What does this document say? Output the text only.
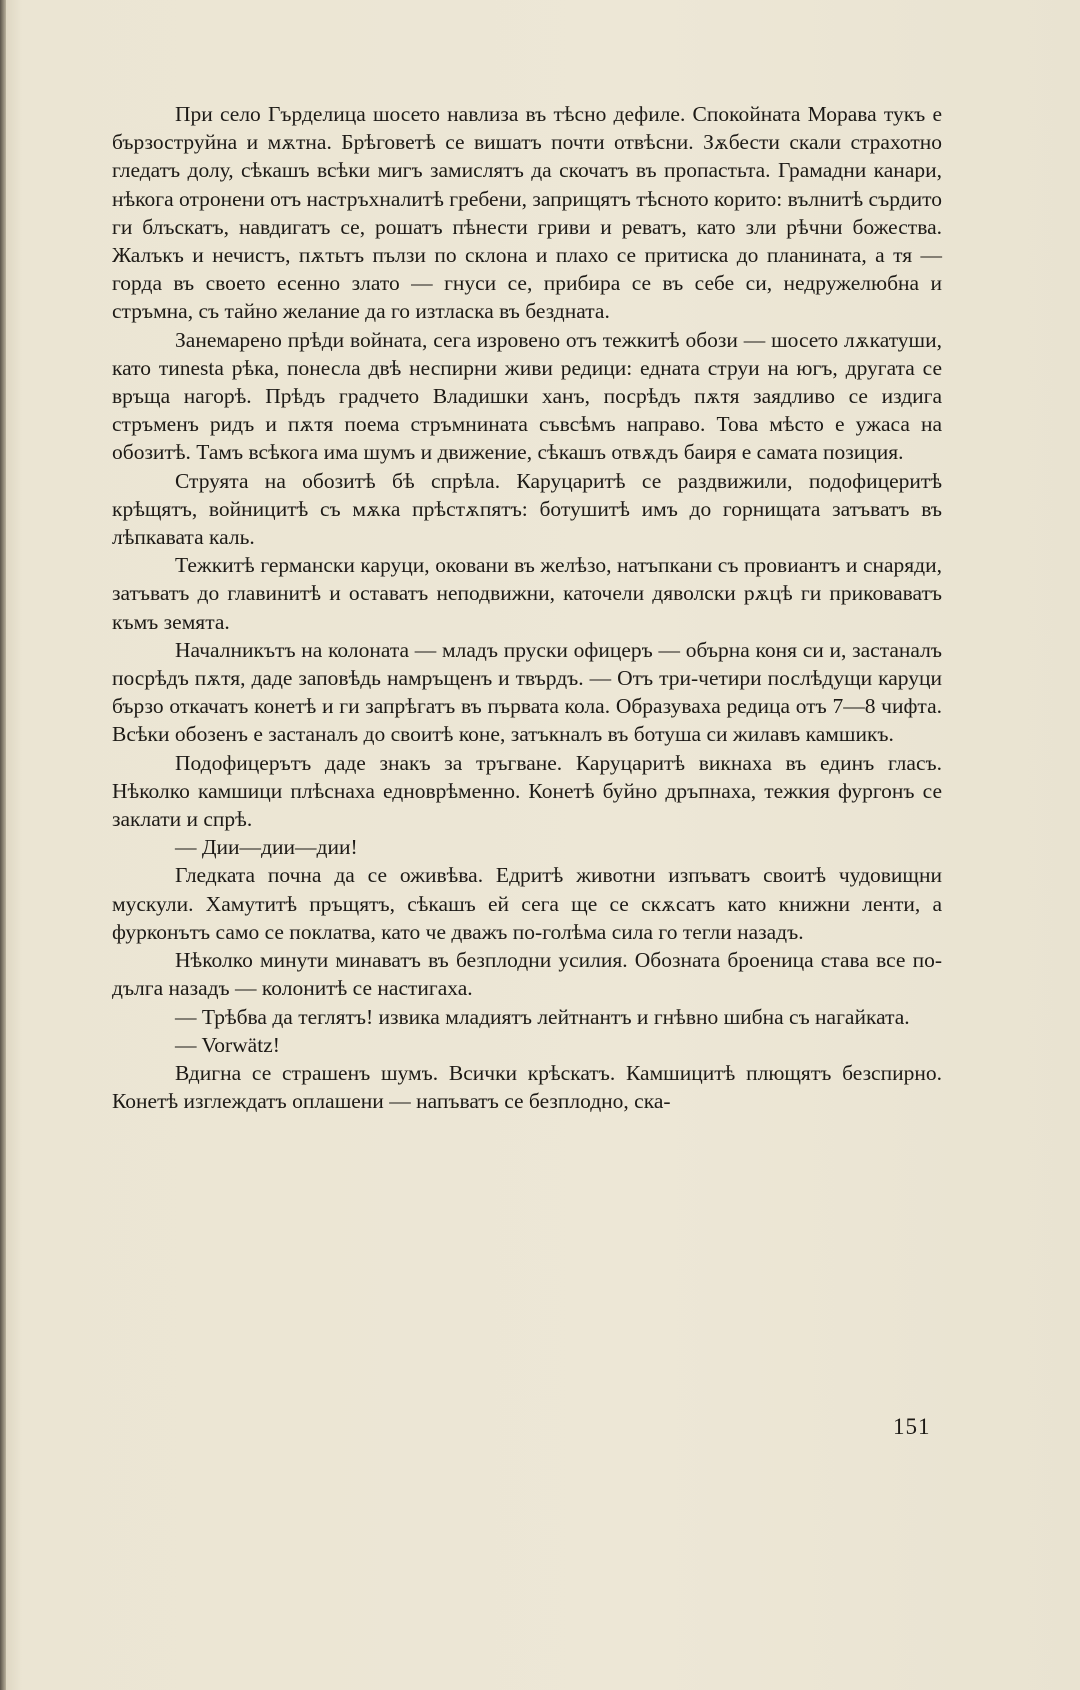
При село Гърделица шосето навлиза въ тѣсно дефиле. Спокойната Морава тукъ е бързоструйна и мѫтна. Брѣговетѣ се вишатъ почти отвѣсни. Зѫбести скали страхотно гледатъ долу, сѣкашъ всѣки мигъ замислятъ да скочатъ въ пропастьта. Грамадни канари, нѣкога отронени отъ настръхналитѣ гребени, заприщятъ тѣсното корито: вълнитѣ сърдито ги блъскатъ, навдигатъ се, рошатъ пѣнести гриви и реватъ, като зли рѣчни божества. Жалъкъ и нечистъ, пѫтьтъ пълзи по склона и плахо се притиска до планината, а тя — горда въ своето есенно злато — гнуси се, прибира се въ себе си, недружелюбна и стръмна, съ тайно желание да го изтласка въ бездната.

Занемарено прѣди войната, сега изровено отъ тежкитѣ обози — шосето лѫкатуши, като тиnesta рѣка, понесла двѣ неспирни живи редици: едната струи на югъ, другата се връща нагорѣ. Прѣдъ градчето Владишки ханъ, посрѣдъ пѫтя заядливо се издига стръменъ ридъ и пѫтя поема стръмнината съвсѣмъ направо. Това мѣсто е ужаса на обозитѣ. Тамъ всѣкога има шумъ и движение, сѣкашъ отвѫдъ баиря е самата позиция.

Струята на обозитѣ бѣ спрѣла. Каруцаритѣ се раздвижили, подофицеритѣ крѣщятъ, войницитѣ съ мѫка прѣстѫпятъ: ботушитѣ имъ до горнищата затъватъ въ лѣпкавата каль.

Тежкитѣ германски каруци, оковани въ желѣзо, натъпкани съ провиантъ и снаряди, затъватъ до главинитѣ и оставатъ неподвижни, каточели дяволски рѫцѣ ги приковаватъ къмъ земята.

Началникътъ на колоната — младъ пруски офицеръ — обърна коня си и, застаналъ посрѣдъ пѫтя, даде заповѣдь намръщенъ и твърдъ. — Отъ три-четири послѣдущи каруци бързо откачатъ конетѣ и ги запрѣгатъ въ първата кола. Образуваха редица отъ 7—8 чифта. Всѣки обозенъ е застаналъ до своитѣ коне, затъкналъ въ ботуша си жилавъ камшикъ.

Подофицерътъ даде знакъ за тръгване. Каруцаритѣ викнаха въ единъ гласъ. Нѣколко камшици плѣснаха едноврѣменно. Конетѣ буйно дръпнаха, тежкия фургонъ се заклати и спрѣ.

— Дии—дии—дии!

Гледката почна да се оживѣва. Едритѣ животни изпъватъ своитѣ чудовищни мускули. Хамутитѣ пръщятъ, сѣкашъ ей сега ще се скѫсатъ като книжни ленти, а фурконътъ само се поклатва, като че дважъ по-голѣма сила го тегли назадъ.

Нѣколко минути минаватъ въ безплодни усилия. Обозната броеница става все по-дълга назадъ — колонитѣ се настигаха.

— Трѣбва да теглятъ! извика младиятъ лейтнантъ и гнѣвно шибна съ нагайката.

— Vorwätz!

Вдигна се страшенъ шумъ. Всички крѣскатъ. Камшицитѣ плющятъ безспирно. Конетѣ изглеждатъ оплашени — напъватъ се безплодно, ска-

151
